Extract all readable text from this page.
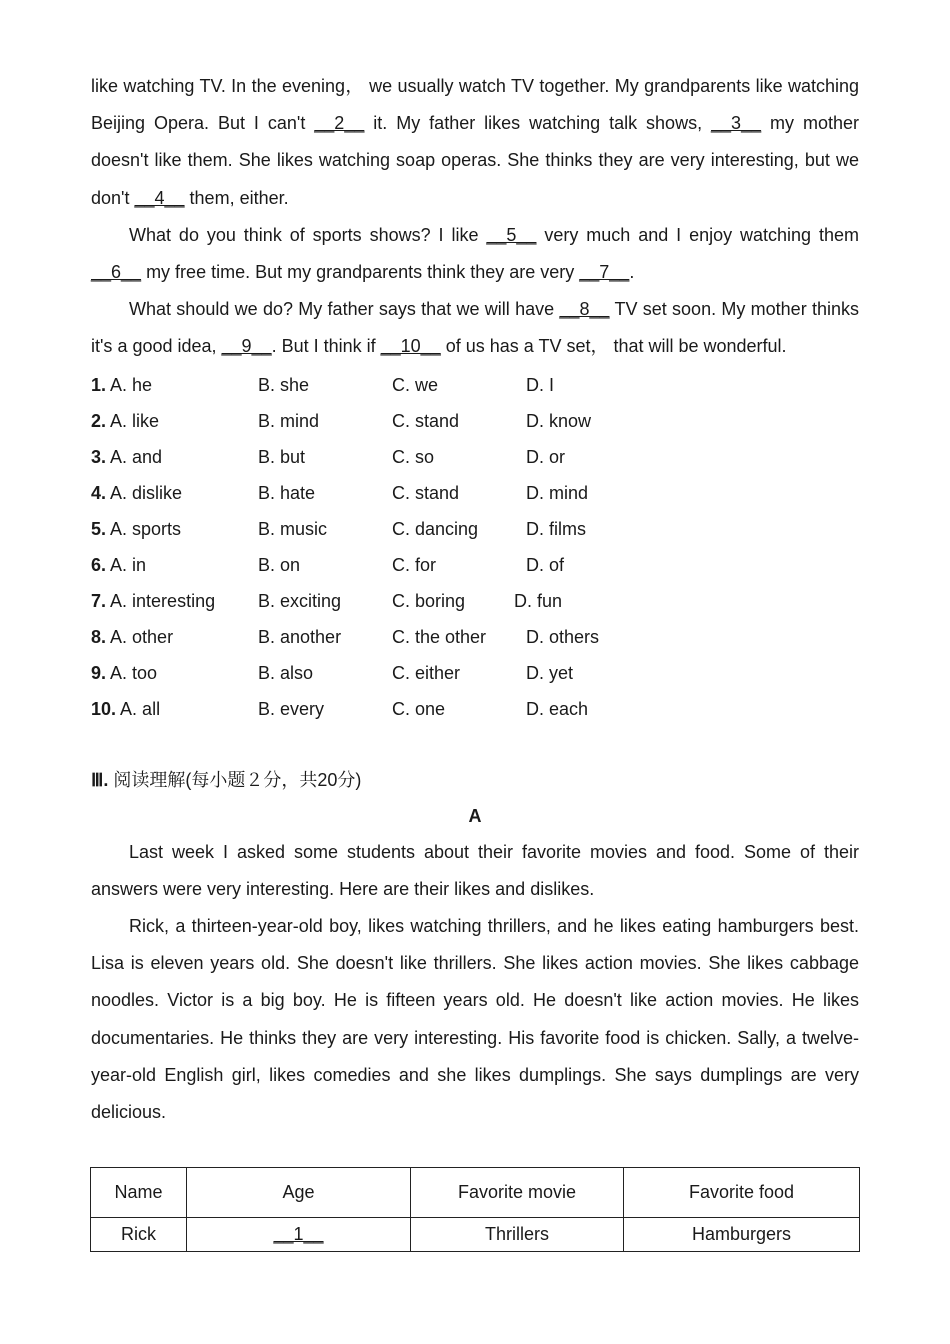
like watching TV. In the evening， we usually watch TV together. My grandparents like watching Beijing Opera. But I can't __2__ it. My father likes watching talk shows, __3__ my mother doesn't like them. She likes watching soap operas. She thinks they are very interesting, but we don't __4__ them, either.

What do you think of sports shows? I like __5__ very much and I enjoy watching them __6__ my free time. But my grandparents think they are very __7__.

What should we do? My father says that we will have __8__ TV set soon. My mother thinks it's a good idea, __9__. But I think if __10__ of us has a TV set， that will be wonderful.

1. A. he	B. she	C. we	D. I
2. A. like	B. mind	C. stand	D. know
3. A. and	B. but	C. so	D. or
4. A. dislike	B. hate	C. stand	D. mind
5. A. sports	B. music	C. dancing	D. films
6. A. in	B. on	C. for	D. of
7. A. interesting B. exciting	C. boring	D. fun
8. A. other	B. another	C. the other D. others
9. A. too	B. also	C. either	D. yet
10. A. all	B. every	C. one	D. each
Ⅲ. 阅读理解(每小题２分，共20分)
A

Last week I asked some students about their favorite movies and food. Some of their answers were very interesting. Here are their likes and dislikes.

Rick, a thirteen-year-old boy, likes watching thrillers, and he likes eating hamburgers best. Lisa is eleven years old. She doesn't like thrillers. She likes action movies. She likes cabbage noodles. Victor is a big boy. He is fifteen years old. He doesn't like action movies. He likes documentaries. He thinks they are very interesting. His favorite food is chicken. Sally, a twelve-year-old English girl, likes comedies and she likes dumplings. She says dumplings are very delicious.

Name	Age	Favorite movie	Favorite food
Rick	__1__	Thrillers	Hamburgers
